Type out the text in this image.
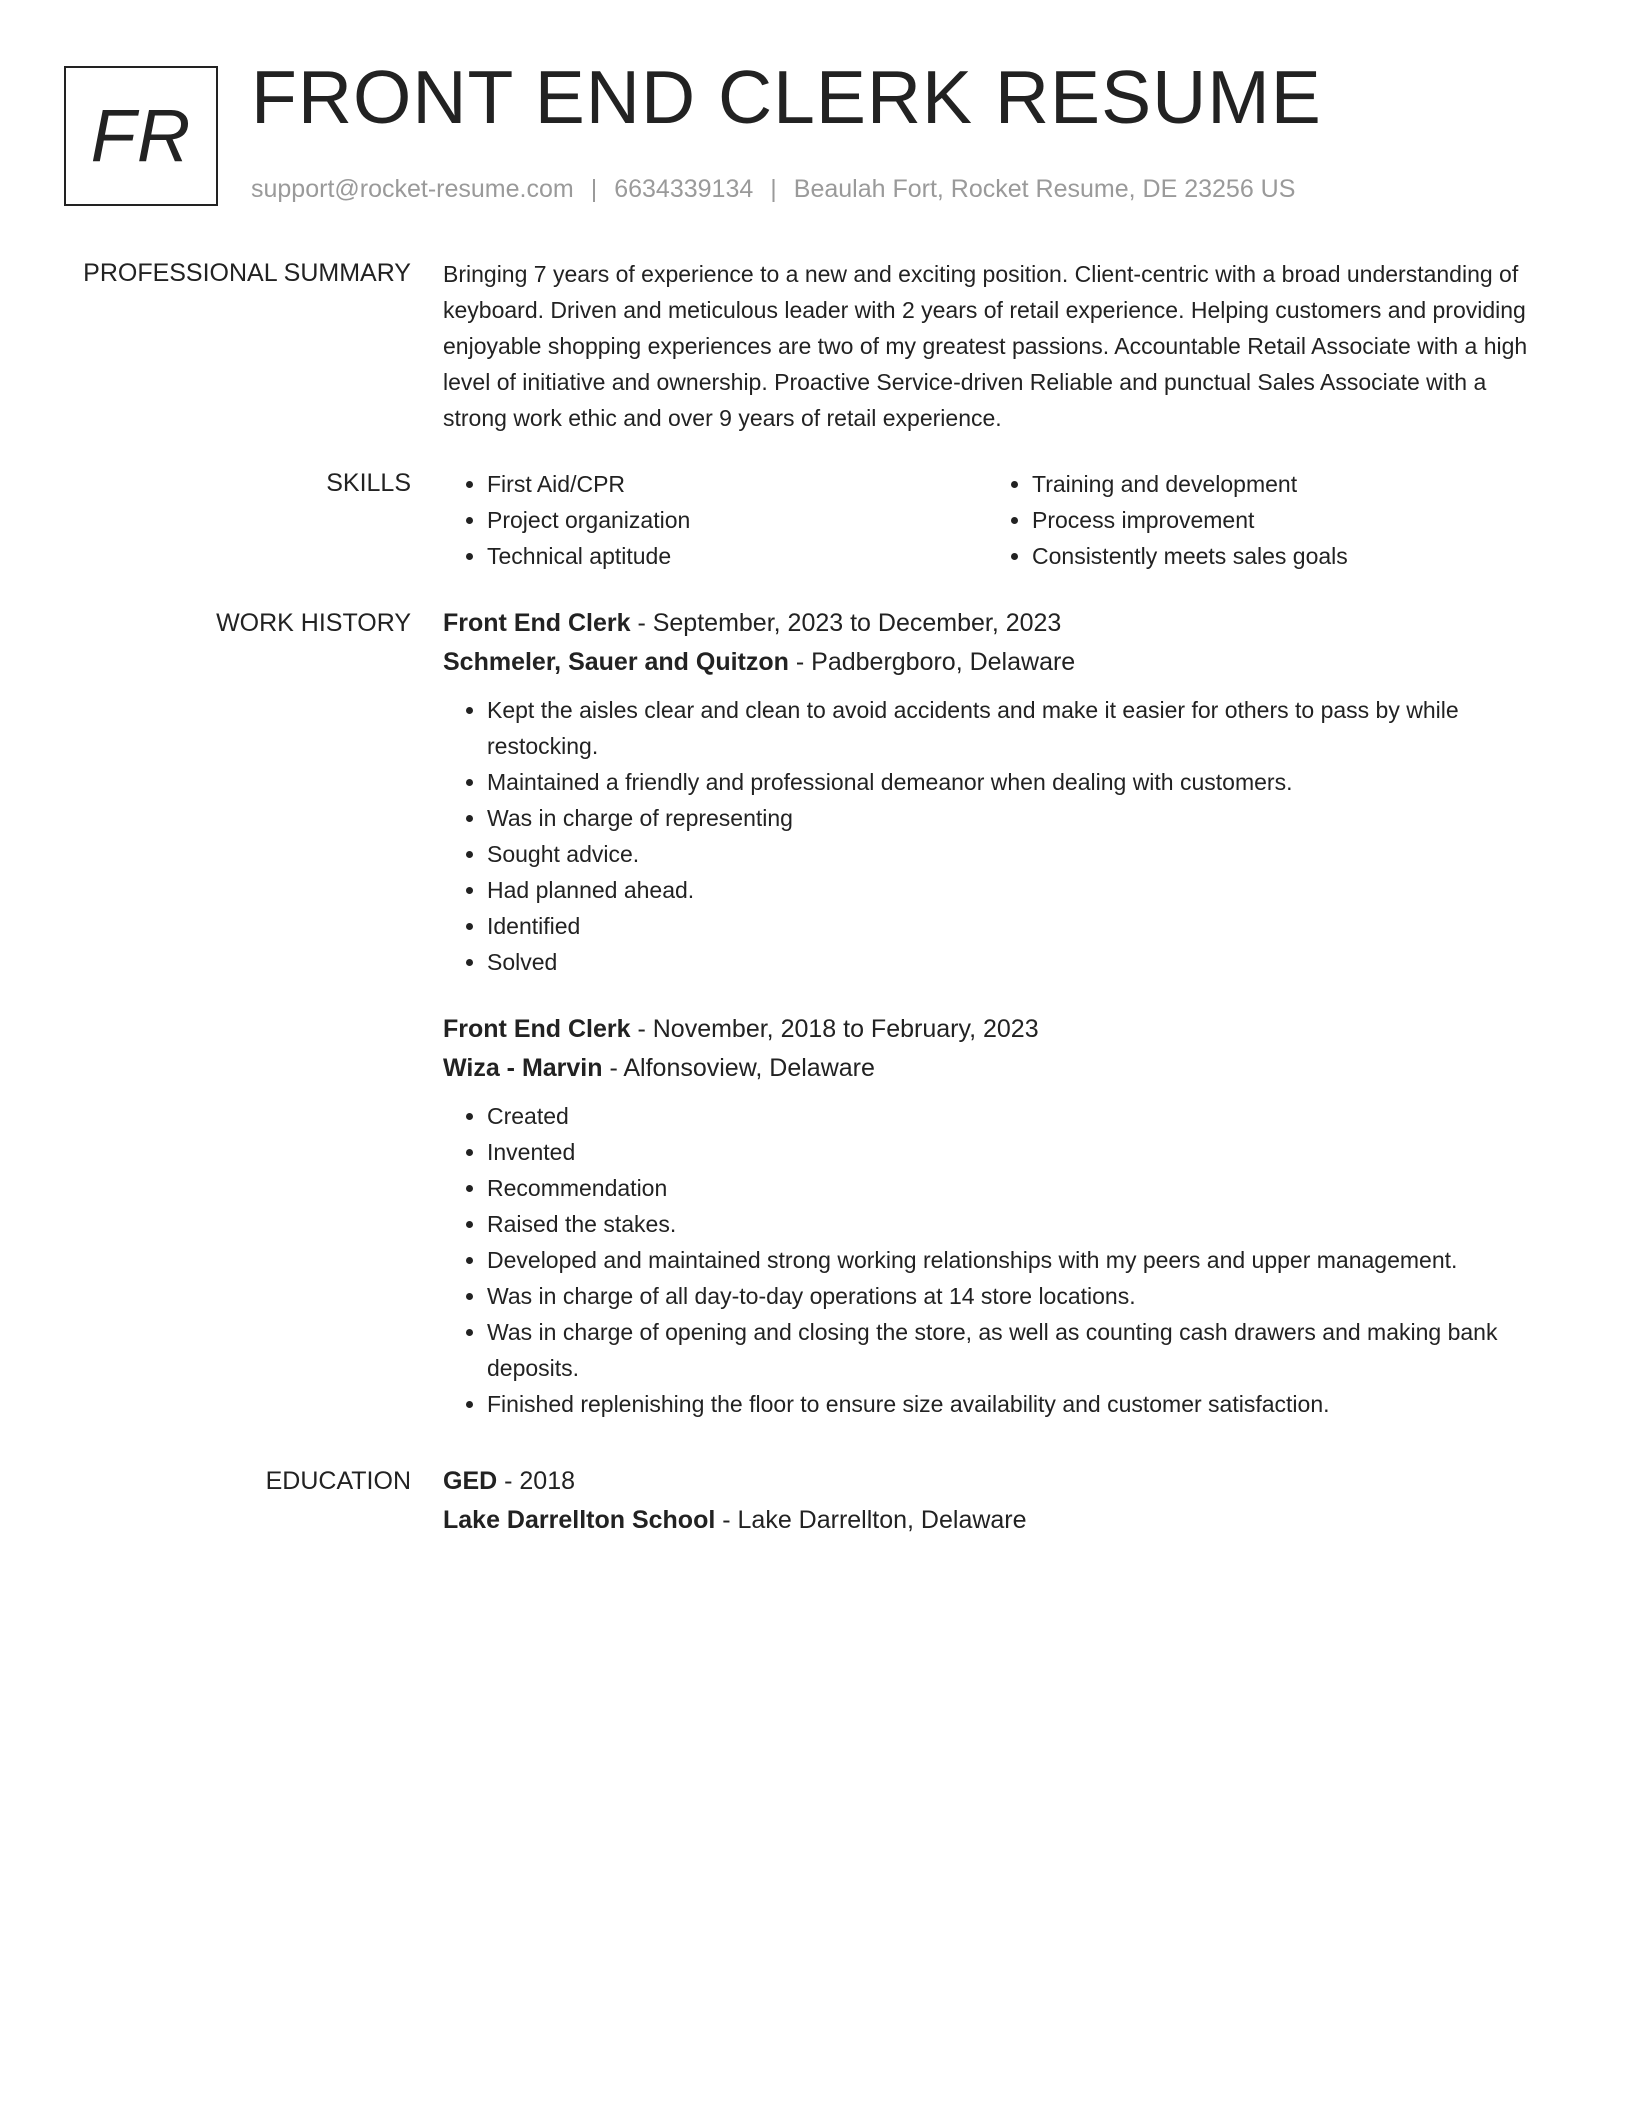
FR FRONT END CLERK RESUME
support@rocket-resume.com | 6634339134 | Beaulah Fort, Rocket Resume, DE 23256 US
PROFESSIONAL SUMMARY Bringing 7 years of experience to a new and exciting position. Client-centric with a broad understanding of keyboard. Driven and meticulous leader with 2 years of retail experience. Helping customers and providing enjoyable shopping experiences are two of my greatest passions. Accountable Retail Associate with a high level of initiative and ownership. Proactive Service-driven Reliable and punctual Sales Associate with a strong work ethic and over 9 years of retail experience.

SKILLS
•	First Aid/CPR
• Project organization
• Technical aptitude
• Training and development
• Process improvement
• Consistently meets sales goals
WORK HISTORY Front End Clerk - September, 2023 to December, 2023
Schmeler, Sauer and Quitzon - Padbergboro, Delaware
• Kept the aisles clear and clean to avoid accidents and make it easier for others to pass by while restocking.
• Maintained a friendly and professional demeanor when dealing with customers.
• Was in charge of representing
• Sought advice.
• Had planned ahead.
• Identified
• Solved
Front End Clerk - November, 2018 to February, 2023
Wiza - Marvin - Alfonsoview, Delaware
• Created
• Invented
• Recommendation
• Raised the stakes.
• Developed and maintained strong working relationships with my peers and upper management.
• Was in charge of all day-to-day operations at 14 store locations.
• Was in charge of opening and closing the store, as well as counting cash drawers and making bank deposits.
• Finished replenishing the floor to ensure size availability and customer satisfaction.
EDUCATION GED - 2018
Lake Darrellton School - Lake Darrellton, Delaware
